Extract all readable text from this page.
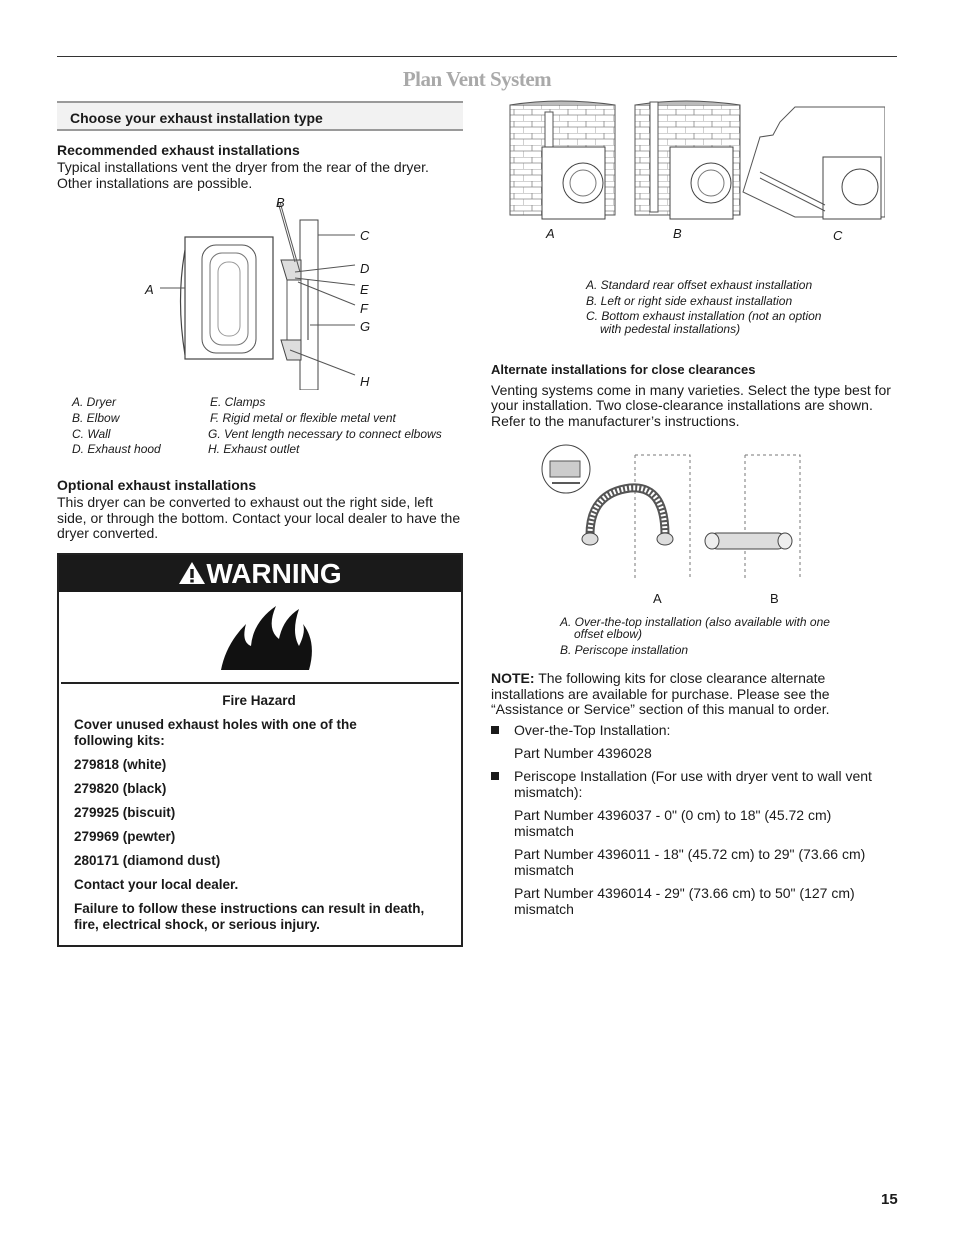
Plan Vent System
Choose your exhaust installation type
Recommended exhaust installations

Typical installations vent the dryer from the rear of the dryer.

Other installations are possible.

B
C
D
A	E
F
G
H
A. Dryer	E. Clamps
B. Elbow	F. Rigid metal or flexible metal vent
C. Wall	G. Vent length necessary to connect elbows
D. Exhaust hood	H. Exhaust outlet
Optional exhaust installations

This dryer can be converted to exhaust out the right side, left

side, or through the bottom. Contact your local dealer to have the

dryer converted.

WARNING
Fire Hazard
Cover unused exhaust holes with one of the
following kits:
279818 (white)
279820 (black)
279925 (biscuit)
279969 (pewter)
280171 (diamond dust)
Contact your local dealer.
Failure to follow these instructions can result in death,
fire, electrical shock, or serious injury.
A	B	C
A. Standard rear offset exhaust installation
B. Left or right side exhaust installation
C. Bottom exhaust installation (not an option
with pedestal installations)
Alternate installations for close clearances

Venting systems come in many varieties. Select the type best for

your installation. Two close-clearance installations are shown.

Refer to the manufacturer’s instructions.

A	B
A. Over-the-top installation (also available with one
offset elbow)
B. Periscope installation

NOTE: The following kits for close clearance alternate

installations are available for purchase. Please see the

“Assistance or Service” section of this manual to order.

Over-the-Top Installation:

Part Number 4396028

Periscope Installation (For use with dryer vent to wall vent

mismatch):

Part Number 4396037 - 0" (0 cm) to 18" (45.72 cm)

mismatch

Part Number 4396011 - 18" (45.72 cm) to 29" (73.66 cm)

mismatch

Part Number 4396014 - 29" (73.66 cm) to 50" (127 cm)

mismatch

15
